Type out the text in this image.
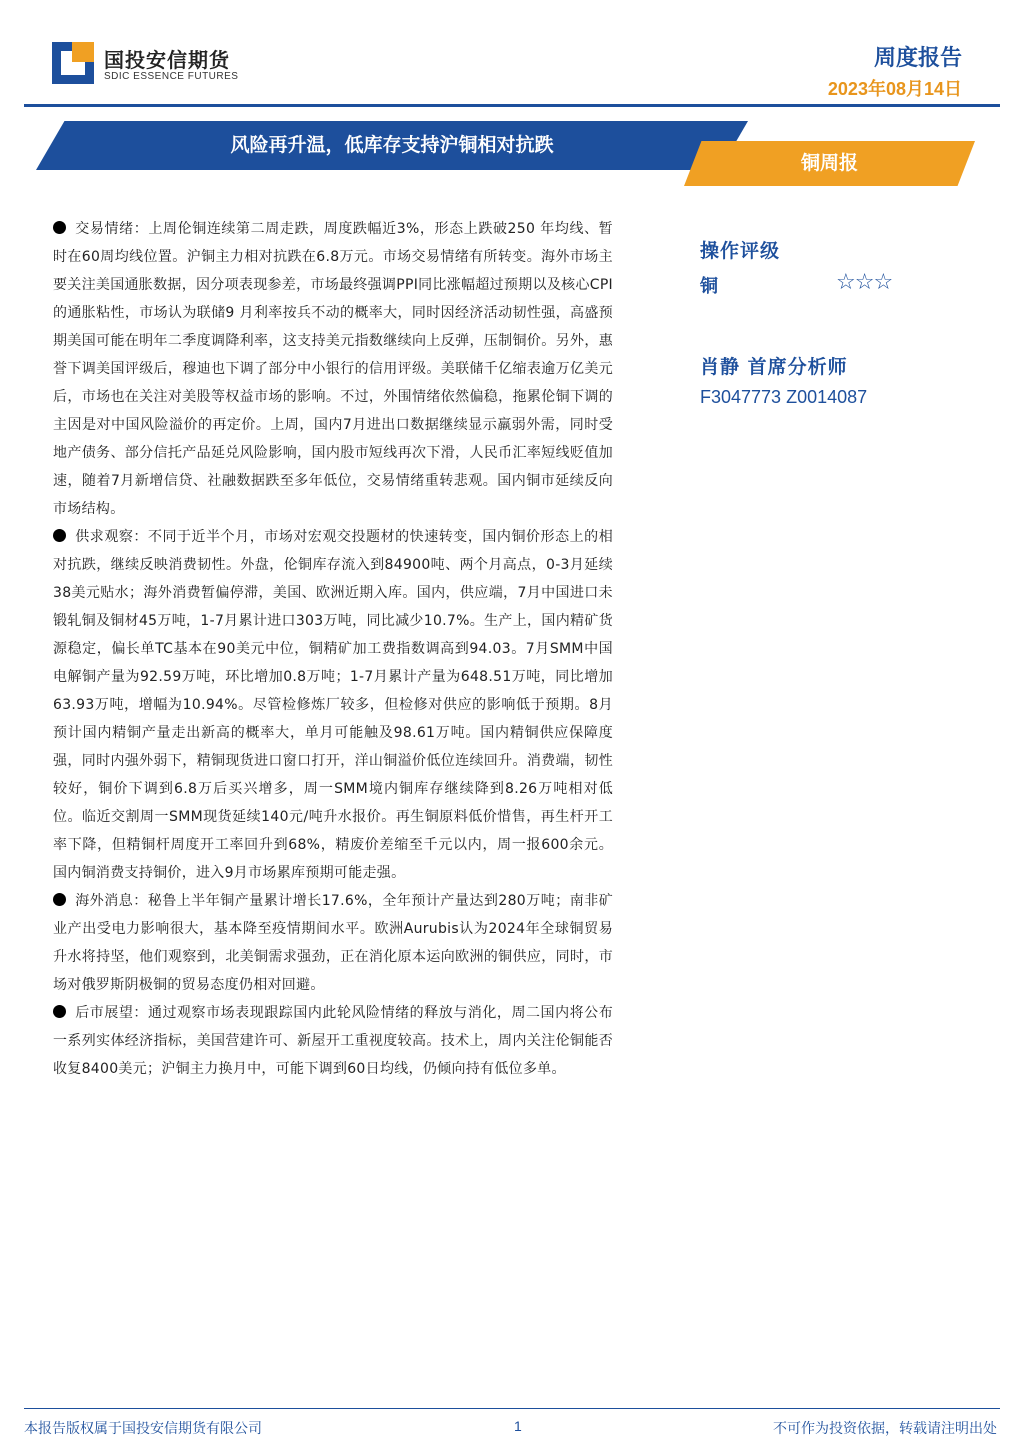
国投安信期货
SDIC ESSENCE FUTURES
周度报告
2023年08月14日
风险再升温，低库存支持沪铜相对抗跌
铜周报

交易情绪：上周伦铜连续第二周走跌，周度跌幅近3%，形态上跌破250 年均线、暂时在60周均线位置。沪铜主力相对抗跌在6.8万元。市场交易情绪有所转变。海外市场主要关注美国通胀数据，因分项表现参差，市场最终强调PPI同比涨幅超过预期以及核心CPI的通胀粘性，市场认为联储9 月利率按兵不动的概率大，同时因经济活动韧性强，高盛预期美国可能在明年二季度调降利率，这支持美元指数继续向上反弹，压制铜价。另外，惠誉下调美国评级后，穆迪也下调了部分中小银行的信用评级。美联储千亿缩表逾万亿美元后，市场也在关注对美股等权益市场的影响。不过，外围情绪依然偏稳，拖累伦铜下调的主因是对中国风险溢价的再定价。上周，国内7月进出口数据继续显示羸弱外需，同时受地产债务、部分信托产品延兑风险影响，国内股市短线再次下滑，人民币汇率短线贬值加速，随着7月新增信贷、社融数据跌至多年低位，交易情绪重转悲观。国内铜市延续反向市场结构。

供求观察：不同于近半个月，市场对宏观交投题材的快速转变，国内铜价形态上的相对抗跌，继续反映消费韧性。外盘，伦铜库存流入到84900吨、两个月高点，0-3月延续38美元贴水；海外消费暂偏停滞，美国、欧洲近期入库。国内，供应端，7月中国进口未锻轧铜及铜材45万吨，1-7月累计进口303万吨，同比减少10.7%。生产上，国内精矿货源稳定，偏长单TC基本在90美元中位，铜精矿加工费指数调高到94.03。7月SMM中国电解铜产量为92.59万吨，环比增加0.8万吨；1-7月累计产量为648.51万吨，同比增加63.93万吨，增幅为10.94%。尽管检修炼厂较多，但检修对供应的影响低于预期。8月预计国内精铜产量走出新高的概率大，单月可能触及98.61万吨。国内精铜供应保障度强，同时内强外弱下，精铜现货进口窗口打开，洋山铜溢价低位连续回升。消费端，韧性较好，铜价下调到6.8万后买兴增多，周一SMM境内铜库存继续降到8.26万吨相对低位。临近交割周一SMM现货延续140元/吨升水报价。再生铜原料低价惜售，再生杆开工率下降，但精铜杆周度开工率回升到68%，精废价差缩至千元以内，周一报600余元。国内铜消费支持铜价，进入9月市场累库预期可能走强。

海外消息：秘鲁上半年铜产量累计增长17.6%，全年预计产量达到280万吨；南非矿业产出受电力影响很大，基本降至疫情期间水平。欧洲Aurubis认为2024年全球铜贸易升水将持坚，他们观察到，北美铜需求强劲，正在消化原本运向欧洲的铜供应，同时，市场对俄罗斯阴极铜的贸易态度仍相对回避。

后市展望：通过观察市场表现跟踪国内此轮风险情绪的释放与消化，周二国内将公布一系列实体经济指标，美国营建许可、新屋开工重视度较高。技术上，周内关注伦铜能否收复8400美元；沪铜主力换月中，可能下调到60日均线，仍倾向持有低位多单。

操作评级
铜	☆☆☆
肖静 首席分析师
F3047773 Z0014087
本报告版权属于国投安信期货有限公司	1	不可作为投资依据，转载请注明出处
